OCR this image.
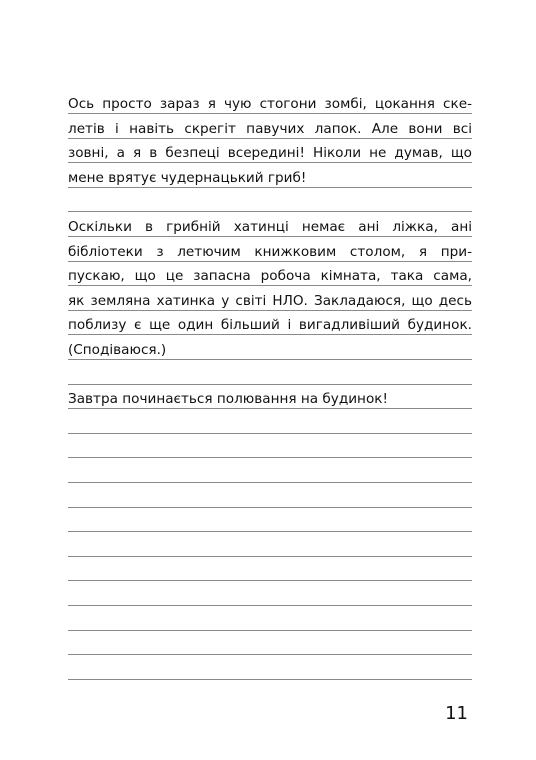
Ось просто зараз я чую стогони зомбі, цокання ске-
летів і навіть скрегіт павучих лапок. Але вони всі
зовні, а я в безпеці всередині! Ніколи не думав, що
мене врятує чудернацький гриб!
Оскільки в грибній хатинці немає ані ліжка, ані
бібліотеки з летючим книжковим столом, я при-
пускаю, що це запасна робоча кімната, така сама,
як земляна хатинка у світі НЛО. Закладаюся, що десь
поблизу є ще один більший і вигадливіший будинок.
(Сподіваюся.)
Завтра починається полювання на будинок!
11
